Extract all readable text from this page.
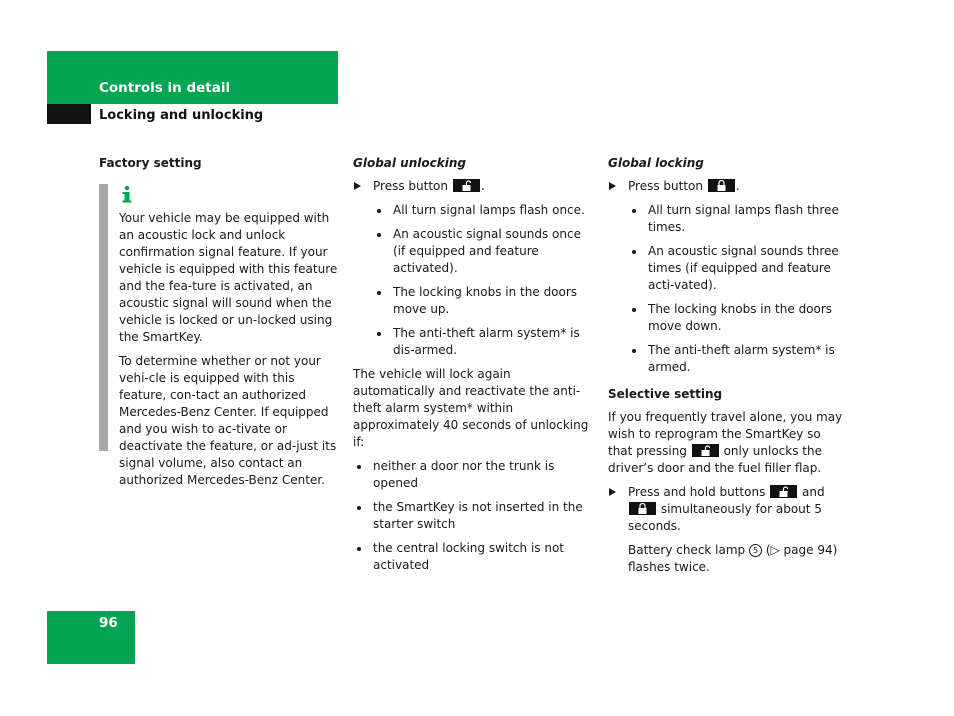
Controls in detail
Locking and unlocking
Factory setting

Your vehicle may be equipped with an acoustic lock and unlock confirmation signal feature. If your vehicle is equipped with this feature and the fea-ture is activated, an acoustic signal will sound when the vehicle is locked or un-locked using the SmartKey.

To determine whether or not your vehi-cle is equipped with this feature, con-tact an authorized Mercedes-Benz Center. If equipped and you wish to ac-tivate or deactivate the feature, or ad-just its signal volume, also contact an authorized Mercedes-Benz Center.

Global unlocking
Press button	.
All turn signal lamps flash once.
An acoustic signal sounds once (if equipped and feature activated).
The locking knobs in the doors move up.
The anti-theft alarm system* is dis-armed.

The vehicle will lock again automatically and reactivate the anti-theft alarm system* within approximately 40 seconds of unlocking if:

neither a door nor the trunk is opened
the SmartKey is not inserted in the starter switch
the central locking switch is not activated
Global locking
Press button	.
All turn signal lamps flash three times.
An acoustic signal sounds three times (if equipped and feature acti-vated).
The locking knobs in the doors move down.
The anti-theft alarm system* is armed.
Selective setting

If you frequently travel alone, you may wish to reprogram the SmartKey so that pressing	only unlocks the driver’s door and the fuel filler flap.

Press and hold buttons	and
simultaneously for about 5 seconds.

Battery check lamp 5 (▷ page 94) flashes twice.

96
